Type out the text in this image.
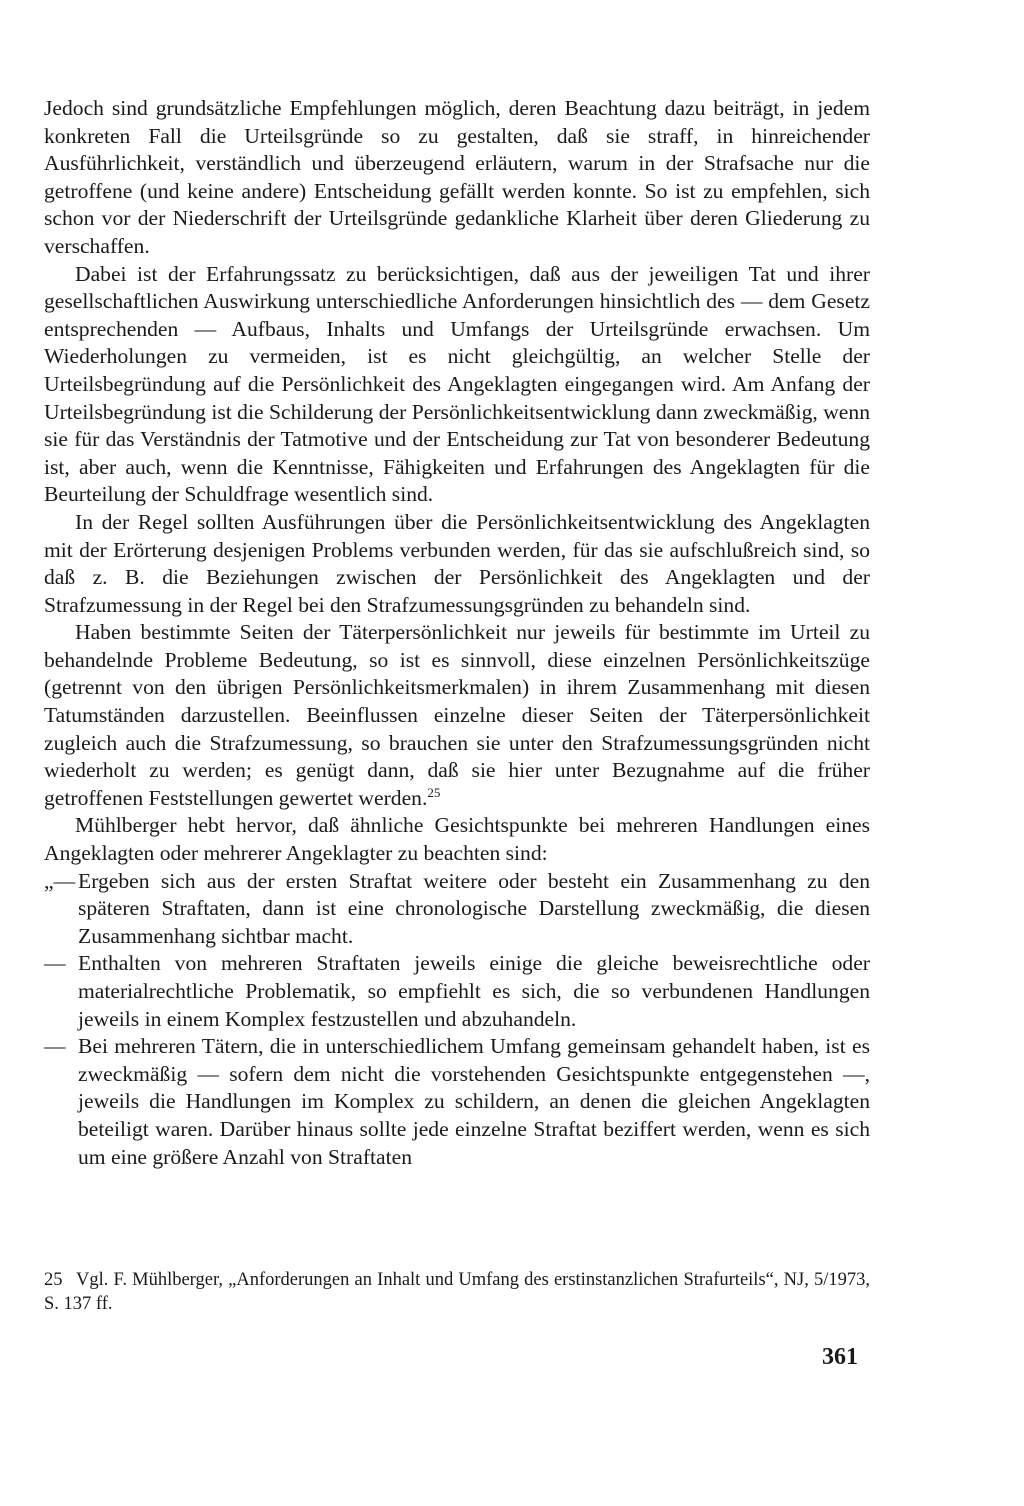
Jedoch sind grundsätzliche Empfehlungen möglich, deren Beachtung dazu beiträgt, in jedem konkreten Fall die Urteilsgründe so zu gestalten, daß sie straff, in hinreichender Ausführlichkeit, verständlich und überzeugend erläutern, warum in der Strafsache nur die getroffene (und keine andere) Entscheidung gefällt werden konnte. So ist zu empfehlen, sich schon vor der Niederschrift der Urteilsgründe gedankliche Klarheit über deren Gliederung zu verschaffen.

Dabei ist der Erfahrungssatz zu berücksichtigen, daß aus der jeweiligen Tat und ihrer gesellschaftlichen Auswirkung unterschiedliche Anforderungen hinsichtlich des — dem Gesetz entsprechenden — Aufbaus, Inhalts und Umfangs der Urteilsgründe erwachsen. Um Wiederholungen zu vermeiden, ist es nicht gleichgültig, an welcher Stelle der Urteilsbegründung auf die Persönlichkeit des Angeklagten eingegangen wird. Am Anfang der Urteilsbegründung ist die Schilderung der Persönlichkeitsentwicklung dann zweckmäßig, wenn sie für das Verständnis der Tatmotive und der Entscheidung zur Tat von besonderer Bedeutung ist, aber auch, wenn die Kenntnisse, Fähigkeiten und Erfahrungen des Angeklagten für die Beurteilung der Schuldfrage wesentlich sind.

In der Regel sollten Ausführungen über die Persönlichkeitsentwicklung des Angeklagten mit der Erörterung desjenigen Problems verbunden werden, für das sie aufschlußreich sind, so daß z. B. die Beziehungen zwischen der Persönlichkeit des Angeklagten und der Strafzumessung in der Regel bei den Strafzumessungsgründen zu behandeln sind.

Haben bestimmte Seiten der Täterpersönlichkeit nur jeweils für bestimmte im Urteil zu behandelnde Probleme Bedeutung, so ist es sinnvoll, diese einzelnen Persönlichkeitszüge (getrennt von den übrigen Persönlichkeitsmerkmalen) in ihrem Zusammenhang mit diesen Tatumständen darzustellen. Beeinflussen einzelne dieser Seiten der Täterpersönlichkeit zugleich auch die Strafzumessung, so brauchen sie unter den Strafzumessungsgründen nicht wiederholt zu werden; es genügt dann, daß sie hier unter Bezugnahme auf die früher getroffenen Feststellungen gewertet werden.$^{25}$

Mühlberger hebt hervor, daß ähnliche Gesichtspunkte bei mehreren Handlungen eines Angeklagten oder mehrerer Angeklagter zu beachten sind:

„— Ergeben sich aus der ersten Straftat weitere oder besteht ein Zusammenhang zu den späteren Straftaten, dann ist eine chronologische Darstellung zweckmäßig, die diesen Zusammenhang sichtbar macht.
— Enthalten von mehreren Straftaten jeweils einige die gleiche beweisrechtliche oder materialrechtliche Problematik, so empfiehlt es sich, die so verbundenen Handlungen jeweils in einem Komplex festzustellen und abzuhandeln.
— Bei mehreren Tätern, die in unterschiedlichem Umfang gemeinsam gehandelt haben, ist es zweckmäßig — sofern dem nicht die vorstehenden Gesichtspunkte entgegenstehen —, jeweils die Handlungen im Komplex zu schildern, an denen die gleichen Angeklagten beteiligt waren. Darüber hinaus sollte jede einzelne Straftat beziffert werden, wenn es sich um eine größere Anzahl von Straftaten
25 Vgl. F. Mühlberger, „Anforderungen an Inhalt und Umfang des erstinstanzlichen Strafurteils“, NJ, 5/1973, S. 137 ff.
361
